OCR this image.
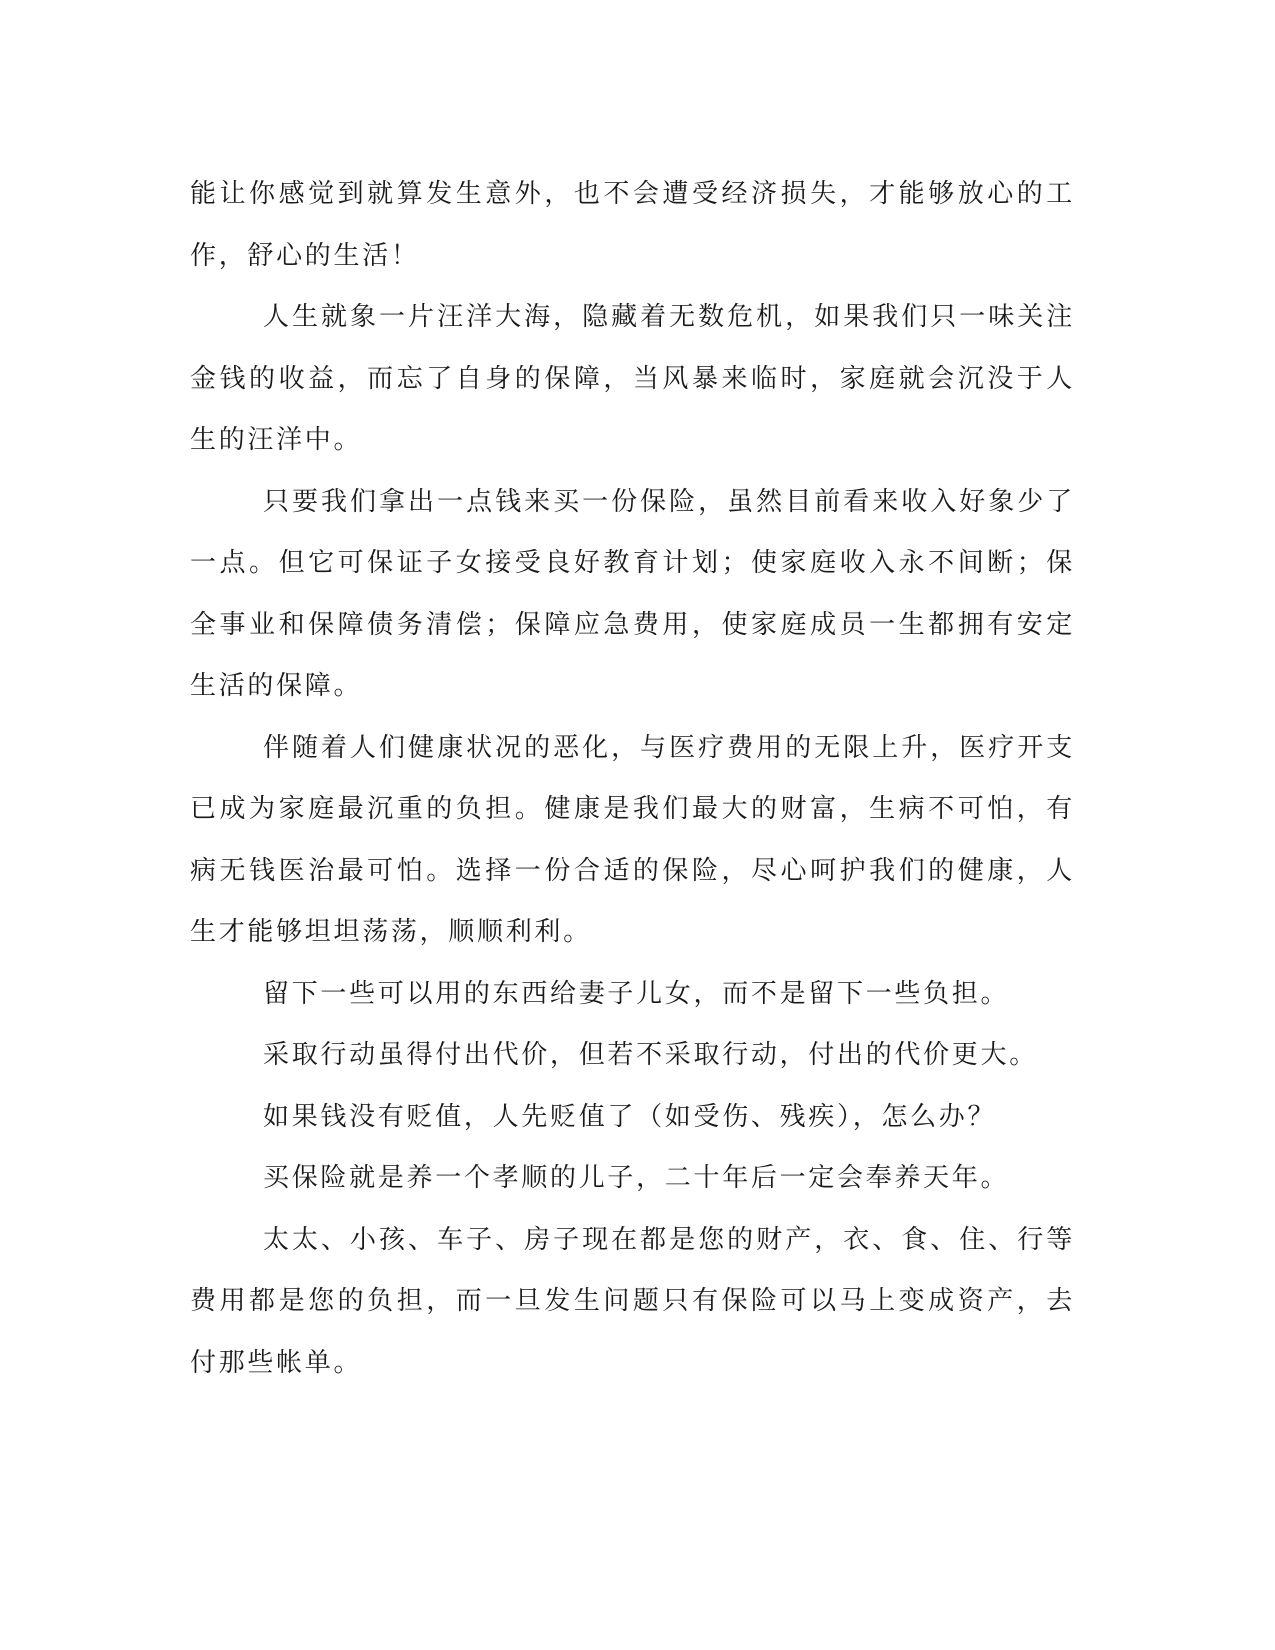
能让你感觉到就算发生意外，也不会遭受经济损失，才能够放心的工作，舒心的生活！

人生就象一片汪洋大海，隐藏着无数危机，如果我们只一味关注金钱的收益，而忘了自身的保障，当风暴来临时，家庭就会沉没于人生的汪洋中。

只要我们拿出一点钱来买一份保险，虽然目前看来收入好象少了一点。但它可保证子女接受良好教育计划；使家庭收入永不间断；保全事业和保障债务清偿；保障应急费用，使家庭成员一生都拥有安定生活的保障。

伴随着人们健康状况的恶化，与医疗费用的无限上升，医疗开支已成为家庭最沉重的负担。健康是我们最大的财富，生病不可怕，有病无钱医治最可怕。选择一份合适的保险，尽心呵护我们的健康，人生才能够坦坦荡荡，顺顺利利。

留下一些可以用的东西给妻子儿女，而不是留下一些负担。

采取行动虽得付出代价，但若不采取行动，付出的代价更大。

如果钱没有贬值，人先贬值了（如受伤、残疾），怎么办？

买保险就是养一个孝顺的儿子，二十年后一定会奉养天年。

太太、小孩、车子、房子现在都是您的财产，衣、食、住、行等费用都是您的负担，而一旦发生问题只有保险可以马上变成资产，去付那些帐单。
